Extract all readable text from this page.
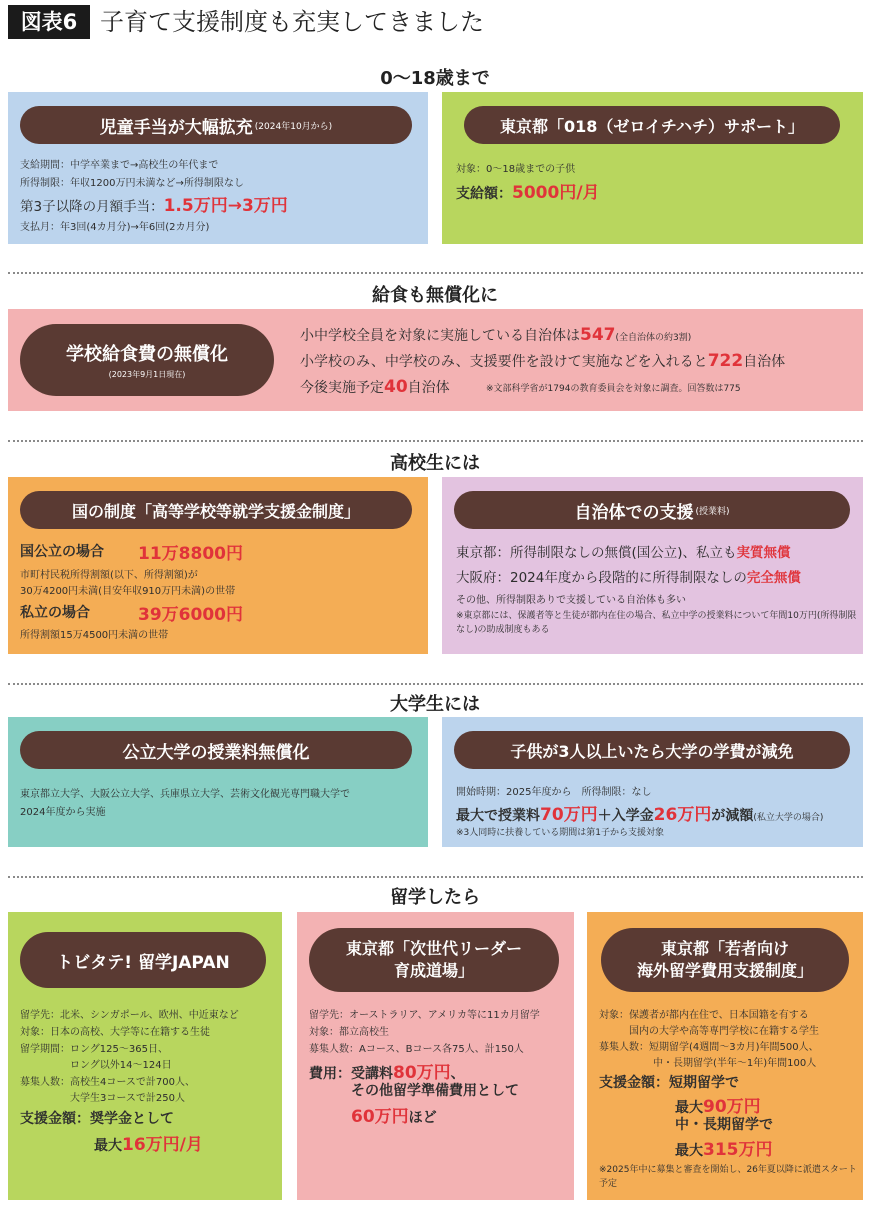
図表6 子育て支援制度も充実してきました
0～18歳まで
児童手当が大幅拡充 (2024年10月から)
支給期間：中学卒業まで→高校生の年代まで
所得制限：年収1200万円未満など→所得制限なし
第3子以降の月額手当：1.5万円→3万円
支払月：年3回(4カ月分)→年6回(2カ月分)
東京都「018（ゼロイチハチ）サポート」
対象：0～18歳までの子供
支給額：5000円/月
給食も無償化に
学校給食費の無償化
(2023年9月1日現在)
小中学校全員を対象に実施している自治体は547(全自治体の約3割)
小学校のみ、中学校のみ、支援要件を設けて実施などを入れると722自治体
今後実施予定40自治体	※文部科学省が1794の教育委員会を対象に調査。回答数は775
高校生には
国の制度「高等学校等就学支援金制度」
国公立の場合 11万8800円
市町村民税所得割額(以下、所得割額)が
30万4200円未満(目安年収910万円未満)の世帯
私立の場合	39万6000円
所得割額15万4500円未満の世帯
自治体での支援 (授業料)
東京都：所得制限なしの無償(国公立)、私立も実質無償
大阪府：2024年度から段階的に所得制限なしの完全無償
その他、所得制限ありで支援している自治体も多い
※東京都には、保護者等と生徒が都内在住の場合、私立中学の授業料について年間10万円(所得制限
なし)の助成制度もある
大学生には
公立大学の授業料無償化
東京都立大学、大阪公立大学、兵庫県立大学、芸術文化観光専門職大学で
2024年度から実施
子供が3人以上いたら大学の学費が減免
開始時期：2025年度から　所得制限：なし
最大で授業料70万円＋入学金26万円が減額(私立大学の場合)
※3人同時に扶養している期間は第1子から支援対象
留学したら
トビタテ! 留学JAPAN
留学先：北米、シンガポール、欧州、中近東など
対象：日本の高校、大学等に在籍する生徒
留学期間：ロング125～365日、
ロング以外14～124日
募集人数：高校生4コースで計700人、
大学生3コースで計250人
支援金額：奨学金として
最大16万円/月
東京都「次世代リーダー
育成道場」
留学先：オーストラリア、アメリカ等に11カ月留学
対象：都立高校生
募集人数：Aコース、Bコース各75人、計150人
費用：受講料80万円、
その他留学準備費用として
60万円ほど
東京都「若者向け
海外留学費用支援制度」
対象：保護者が都内在住で、日本国籍を有する
国内の大学や高等専門学校に在籍する学生
募集人数：短期留学(4週間～3カ月)年間500人、
中・長期留学(半年～1年)年間100人
支援金額：短期留学で
最大90万円
中・長期留学で
最大315万円
※2025年中に募集と審査を開始し、26年夏以降に派遣スタート
予定
